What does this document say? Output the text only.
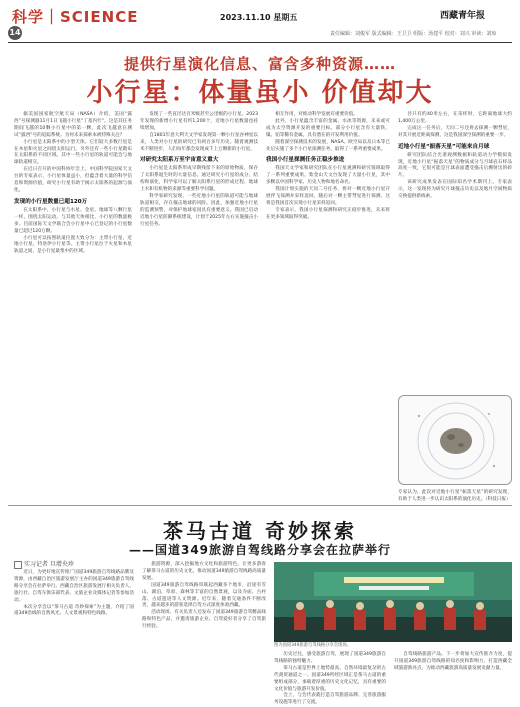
科学｜SCIENCE
14
2023.11.10 星期五	西藏青年报
责任编辑：刘俊军 版式编辑：王卫卫 组版：汤建平 校对：刘兴 审读：刘琼
提供行星演化信息、富含多种资源……
小行星：体量虽小 价值却大

据美国国家航空航天局（NASA）介绍，美国“露西”号探测器11月1日飞越小行星“丁基内什”。这是其任务期间飞越的10颗小行星中的第一颗，此次飞越意在测试“露西”号的追踪系统。为何未来探索本被特殊关注？

小行星是太阳系中的小型天体。它们较大多数行星是在木星和火星之间绕太阳运行。另外还有一些小行星散布在太阳系的不同区域。其中一些小行星的轨道可能会与地球轨道相交。

在近日召开的中国科协年会上，中国科学院国家天文台的专家表示，小行星体量虽小，但蕴含着大量的科学信息和资源价值，研究小行星有助于揭示太阳系的起源与演化。

发现的小行星数量已超120万

在太阳系中，小行星与水星、金星、地球等八颗行星一样，围绕太阳运动。与其他天体相比，小行星的数量极多。目前国际天文学联合会小行星中心已登记的小行星数量已超过120万颗。

小行星可以按照轨道位置大致分为：主带小行星、近地小行星、特洛伊小行星等。主带小行星位于火星和木星轨道之间，是小行星最集中的区域。

发现了一些直径达百米级甚至公里级的小行星。2023年发现的新增小行星有约1,200个，近地小行星数量也持续增加。

自1801年意大利天文学家发现第一颗小行星谷神星以来，人类对小行星的研究已有两百多年历史。随着观测技术不断进步，人们每年都会发现成千上万颗新的小行星。

对研究太阳系万至宇宙意义重大

小行星是太阳系形成早期残留下来的原始物质，保存了太阳系诞生时的大量信息。通过研究小行星的成分、结构和演化，科学家可以了解太阳系行星的形成过程、地球上水和有机物的来源等重要科学问题。

科学家研究发现，一些近地小行星的轨道可能与地球轨道相交，存在撞击地球的风险。因此，加强近地小行星的监测预警，对保护地球家园具有重要意义。我国已启动近地小行星防御系统建设，计划于2025年左右实施撞击小行星任务。

相互作用，对推动科学发展有重要价值。

此外，小行星蕴含丰富的金属、水冰等资源，未来或可成为太空资源开发的重要目标。部分小行星含有大量铁、镍、铂等稀有金属，具有潜在的开发利用价值。

随着深空探测技术的发展，NASA、欧空局以及日本等已先后实施了多个小行星探测任务，取得了一系列重要成果。

我国小行星探测任务正稳步推进

我国天文学家和研究团队在小行星观测和研究领域取得了一系列重要成果。紫金山天文台发现了大量小行星，其中多颗以中国科学家、历史人物和地名命名。

我国计划实施的天问二号任务，将对一颗近地小行星开展伴飞探测并采样返回，随后对一颗主带彗星进行探测。这将是我国首次实现小行星采样返回。

专家表示，我国小行星探测和研究正稳步推进，未来将在更多领域取得突破。

径只有约40米左右，在采样时，它距离地球大约1,400万公里。

完成这一任务后，天问二号还将去探测一颗彗星，对其开展近距离探测，这是我国深空探测的重要一步。

近地小行星“振落天星”可能来自月球

研究团队结合光谱观测数据和轨道动力学模拟发现，近地小行星“振落天星”的物质成分与月球岩石样品高度一致，它很可能是月球表面遭受撞击后溅射出的碎片。

该研究成果发表在国际知名学术期刊上。专家表示，这一发现将为研究月球撞击历史以及地月空间物质交换提供新线索。

专家认为，此次对近地小行星“振落天星”的研究发现，有助于人类进一步认识太阳系的演化历史。（科技日报）
茶马古道 奇妙探索
——国道349旅游自驾线路分享会在拉萨举行
实习记者 旦增央珍

近日，为更好地宣传推广国道349旅游自驾线路品牌及资源，由西藏自治区旅游发展厅主办的国道349旅游自驾线路分享会在拉萨举行。西藏自治区旅游发展厅相关负责人、旅行社、自驾车俱乐部代表、文旅企业及媒体记者等参加活动。

本次分享会以“茶马古道 奇妙探索”为主题，介绍了国道349沿线的自然风光、人文景观和特色线路。

旅游资源，深入挖掘地方文化和旅游特色，让更多游客了解茶马古道的历史文化，推动国道349旅游自驾线路高质量发展。

国道349旅游自驾线路串联起西藏多个地市，沿途有雪山、湖泊、草原、森林等丰富的自然景观，以及寺庙、古村落、古道遗迹等人文资源。近年来，随着交通条件不断改善，越来越多的游客选择自驾方式深度体验西藏。

活动现场，有关负责人还发布了国道349旅游自驾精品线路和特色产品，并邀请旅游企业、自驾爱好者分享了自驾旅行经验。

图为国道349旅游自驾线路分享会现场。

历史过往，感受旅游自驾，展现了国道349旅游自驾线路的独特魅力。

茶马古道是世界上地势最高、自然环境最复杂的古代商贸通道之一。国道349所经区域正是茶马古道的重要组成部分，承载着厚重的历史文化记忆，具有重要的文化价值与旅游开发价值。

会上，与会代表就打造自驾旅游品牌、完善旅游服务设施等进行了交流。

自驾线路旅游产品。下一步将加大宣传推介力度，提升国道349旅游自驾线路的知名度和影响力，打造西藏全域旅游新亮点，为推动西藏旅游高质量发展贡献力量。
